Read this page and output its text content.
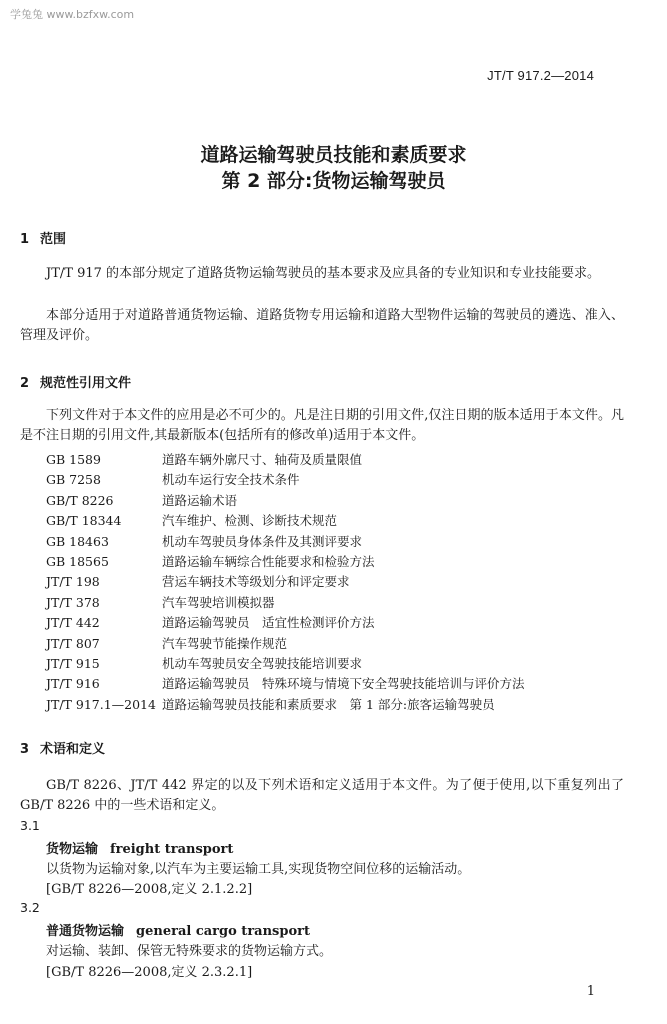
学兔兔 www.bzfxw.com
JT/T 917.2—2014
道路运输驾驶员技能和素质要求
第 2 部分:货物运输驾驶员
1 范围

JT/T 917 的本部分规定了道路货物运输驾驶员的基本要求及应具备的专业知识和专业技能要求。

本部分适用于对道路普通货物运输、道路货物专用运输和道路大型物件运输的驾驶员的遴选、准入、管理及评价。

2 规范性引用文件

下列文件对于本文件的应用是必不可少的。凡是注日期的引用文件,仅注日期的版本适用于本文件。凡是不注日期的引用文件,其最新版本(包括所有的修改单)适用于本文件。

GB 1589	道路车辆外廓尺寸、轴荷及质量限值
GB 7258	机动车运行安全技术条件
GB/T 8226	道路运输术语
GB/T 18344	汽车维护、检测、诊断技术规范
GB 18463	机动车驾驶员身体条件及其测评要求
GB 18565	道路运输车辆综合性能要求和检验方法
JT/T 198	营运车辆技术等级划分和评定要求
JT/T 378	汽车驾驶培训模拟器
JT/T 442	道路运输驾驶员　适宜性检测评价方法
JT/T 807	汽车驾驶节能操作规范
JT/T 915	机动车驾驶员安全驾驶技能培训要求
JT/T 916	道路运输驾驶员　特殊环境与情境下安全驾驶技能培训与评价方法
JT/T 917.1—2014 道路运输驾驶员技能和素质要求　第 1 部分:旅客运输驾驶员
3 术语和定义

GB/T 8226、JT/T 442 界定的以及下列术语和定义适用于本文件。为了便于使用,以下重复列出了 GB/T 8226 中的一些术语和定义。

3.1
货物运输 freight transport
以货物为运输对象,以汽车为主要运输工具,实现货物空间位移的运输活动。
[GB/T 8226—2008,定义 2.1.2.2]
3.2
普通货物运输 general cargo transport
对运输、装卸、保管无特殊要求的货物运输方式。
[GB/T 8226—2008,定义 2.3.2.1]
1
